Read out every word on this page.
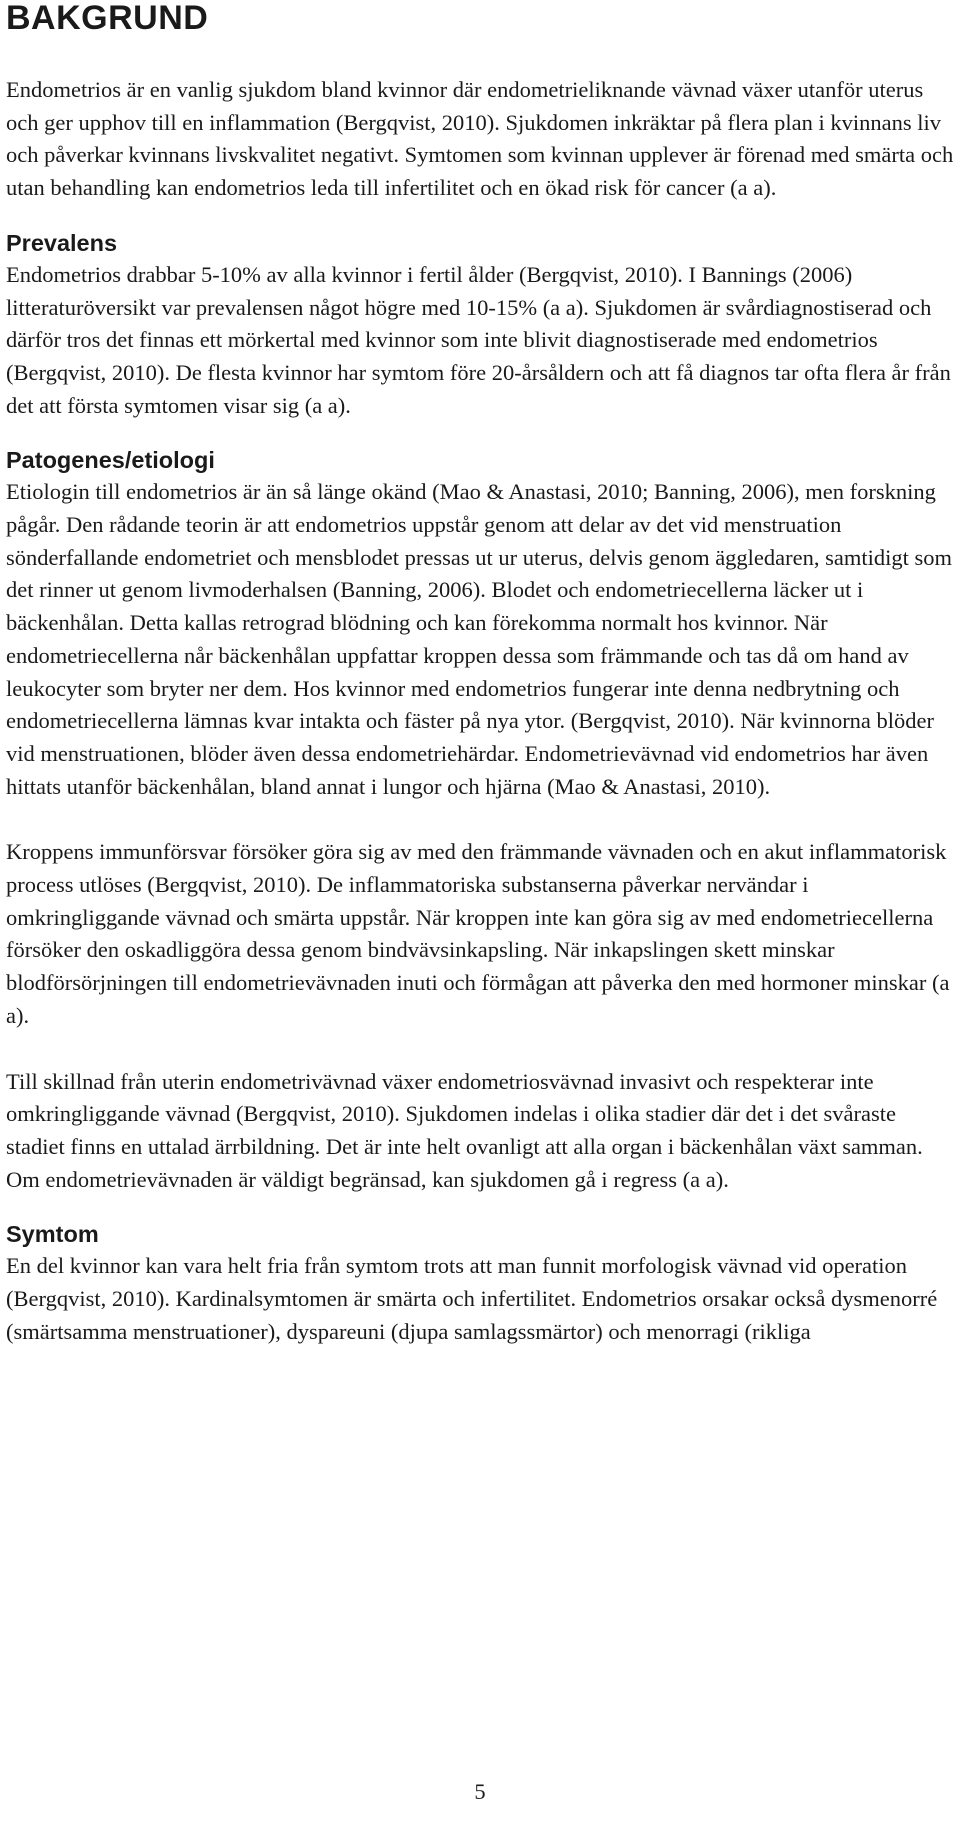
BAKGRUND

Endometrios är en vanlig sjukdom bland kvinnor där endometrieliknande vävnad växer utanför uterus och ger upphov till en inflammation (Bergqvist, 2010). Sjukdomen inkräktar på flera plan i kvinnans liv och påverkar kvinnans livskvalitet negativt. Symtomen som kvinnan upplever är förenad med smärta och utan behandling kan endometrios leda till infertilitet och en ökad risk för cancer (a a).

Prevalens

Endometrios drabbar 5-10% av alla kvinnor i fertil ålder (Bergqvist, 2010). I Bannings (2006) litteraturöversikt var prevalensen något högre med 10-15% (a a). Sjukdomen är svårdiagnostiserad och därför tros det finnas ett mörkertal med kvinnor som inte blivit diagnostiserade med endometrios (Bergqvist, 2010). De flesta kvinnor har symtom före 20-årsåldern och att få diagnos tar ofta flera år från det att första symtomen visar sig (a a).

Patogenes/etiologi

Etiologin till endometrios är än så länge okänd (Mao & Anastasi, 2010; Banning, 2006), men forskning pågår. Den rådande teorin är att endometrios uppstår genom att delar av det vid menstruation sönderfallande endometriet och mensblodet pressas ut ur uterus, delvis genom äggledaren, samtidigt som det rinner ut genom livmoderhalsen (Banning, 2006). Blodet och endometriecellerna läcker ut i bäckenhålan. Detta kallas retrograd blödning och kan förekomma normalt hos kvinnor. När endometriecellerna når bäckenhålan uppfattar kroppen dessa som främmande och tas då om hand av leukocyter som bryter ner dem. Hos kvinnor med endometrios fungerar inte denna nedbrytning och endometriecellerna lämnas kvar intakta och fäster på nya ytor. (Bergqvist, 2010). När kvinnorna blöder vid menstruationen, blöder även dessa endometriehärdar. Endometrievävnad vid endometrios har även hittats utanför bäckenhålan, bland annat i lungor och hjärna (Mao & Anastasi, 2010).

Kroppens immunförsvar försöker göra sig av med den främmande vävnaden och en akut inflammatorisk process utlöses (Bergqvist, 2010). De inflammatoriska substanserna påverkar nervändar i omkringliggande vävnad och smärta uppstår. När kroppen inte kan göra sig av med endometriecellerna försöker den oskadliggöra dessa genom bindvävsinkapsling. När inkapslingen skett minskar blodförsörjningen till endometrievävnaden inuti och förmågan att påverka den med hormoner minskar (a a).

Till skillnad från uterin endometrivävnad växer endometriosvävnad invasivt och respekterar inte omkringliggande vävnad (Bergqvist, 2010). Sjukdomen indelas i olika stadier där det i det svåraste stadiet finns en uttalad ärrbildning. Det är inte helt ovanligt att alla organ i bäckenhålan växt samman. Om endometrievävnaden är väldigt begränsad, kan sjukdomen gå i regress (a a).

Symtom

En del kvinnor kan vara helt fria från symtom trots att man funnit morfologisk vävnad vid operation (Bergqvist, 2010). Kardinalsymtomen är smärta och infertilitet. Endometrios orsakar också dysmenorré (smärtsamma menstruationer), dyspareuni (djupa samlagssmärtor) och menorragi (rikliga

5
